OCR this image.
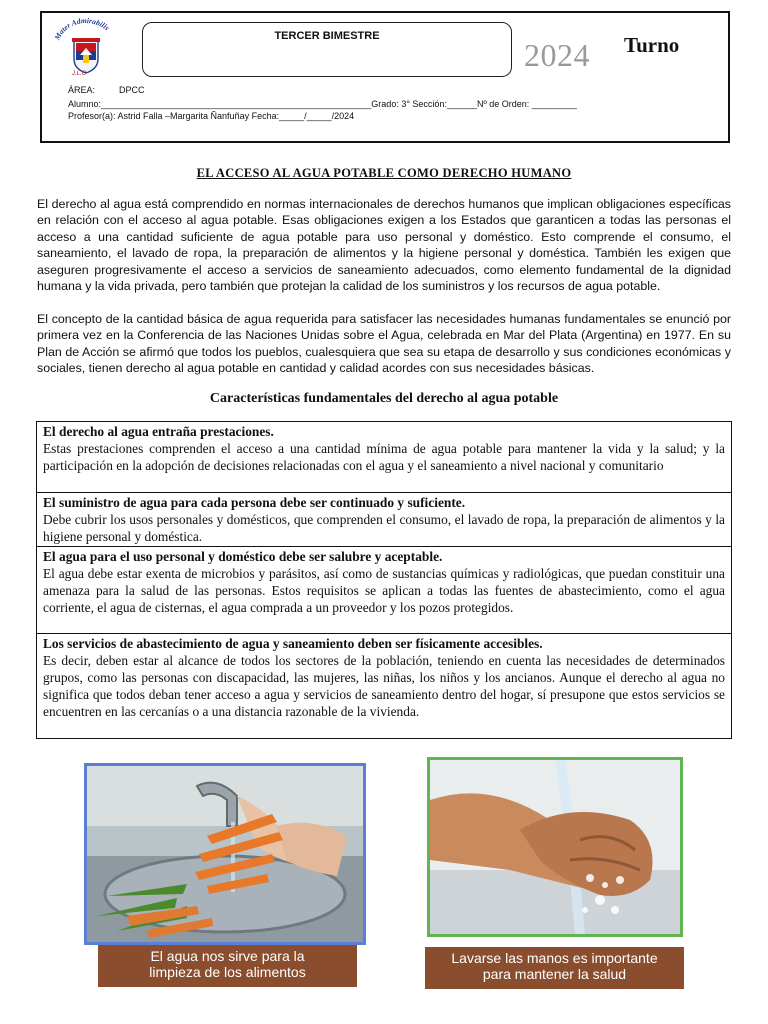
Mater Admirabilis
J.L.O
TERCER BIMESTRE
2024 Turno
ÁREA:	DPCC
Alumno:______________________________________________________Grado: 3° Sección:______Nº de Orden: _________
Profesor(a): Astrid Falla –Margarita Ñanfuñay Fecha:_____/_____/2024
EL ACCESO AL AGUA POTABLE COMO DERECHO HUMANO
El derecho al agua está comprendido en normas internacionales de derechos humanos que implican obligaciones específicas en relación con el acceso al agua potable. Esas obligaciones exigen a los Estados que garanticen a todas las personas el acceso a una cantidad suficiente de agua potable para uso personal y doméstico. Esto comprende el consumo, el saneamiento, el lavado de ropa, la preparación de alimentos y la higiene personal y doméstica. También les exigen que aseguren progresivamente el acceso a servicios de saneamiento adecuados, como elemento fundamental de la dignidad humana y la vida privada, pero también que protejan la calidad de los suministros y los recursos de agua potable.
El concepto de la cantidad básica de agua requerida para satisfacer las necesidades humanas fundamentales se enunció por primera vez en la Conferencia de las Naciones Unidas sobre el Agua, celebrada en Mar del Plata (Argentina) en 1977. En su Plan de Acción se afirmó que todos los pueblos, cualesquiera que sea su etapa de desarrollo y sus condiciones económicas y sociales, tienen derecho al agua potable en cantidad y calidad acordes con sus necesidades básicas.
Características fundamentales del derecho al agua potable
El derecho al agua entraña prestaciones.
Estas prestaciones comprenden el acceso a una cantidad mínima de agua potable para mantener la vida y la salud; y la participación en la adopción de decisiones relacionadas con el agua y el saneamiento a nivel nacional y comunitario
El suministro de agua para cada persona debe ser continuado y suficiente.
Debe cubrir los usos personales y domésticos, que comprenden el consumo, el lavado de ropa, la preparación de alimentos y la higiene personal y doméstica.
El agua para el uso personal y doméstico debe ser salubre y aceptable.
El agua debe estar exenta de microbios y parásitos, así como de sustancias químicas y radiológicas, que puedan constituir una amenaza para la salud de las personas. Estos requisitos se aplican a todas las fuentes de abastecimiento, como el agua corriente, el agua de cisternas, el agua comprada a un proveedor y los pozos protegidos.
Los servicios de abastecimiento de agua y saneamiento deben ser físicamente accesibles.
Es decir, deben estar al alcance de todos los sectores de la población, teniendo en cuenta las necesidades de determinados grupos, como las personas con discapacidad, las mujeres, las niñas, los niños y los ancianos. Aunque el derecho al agua no significa que todos deban tener acceso a agua y servicios de saneamiento dentro del hogar, sí presupone que estos servicios se encuentren en las cercanías o a una distancia razonable de la vivienda.
El agua nos sirve para la
limpieza de los alimentos
Lavarse las manos es importante
para mantener la salud
